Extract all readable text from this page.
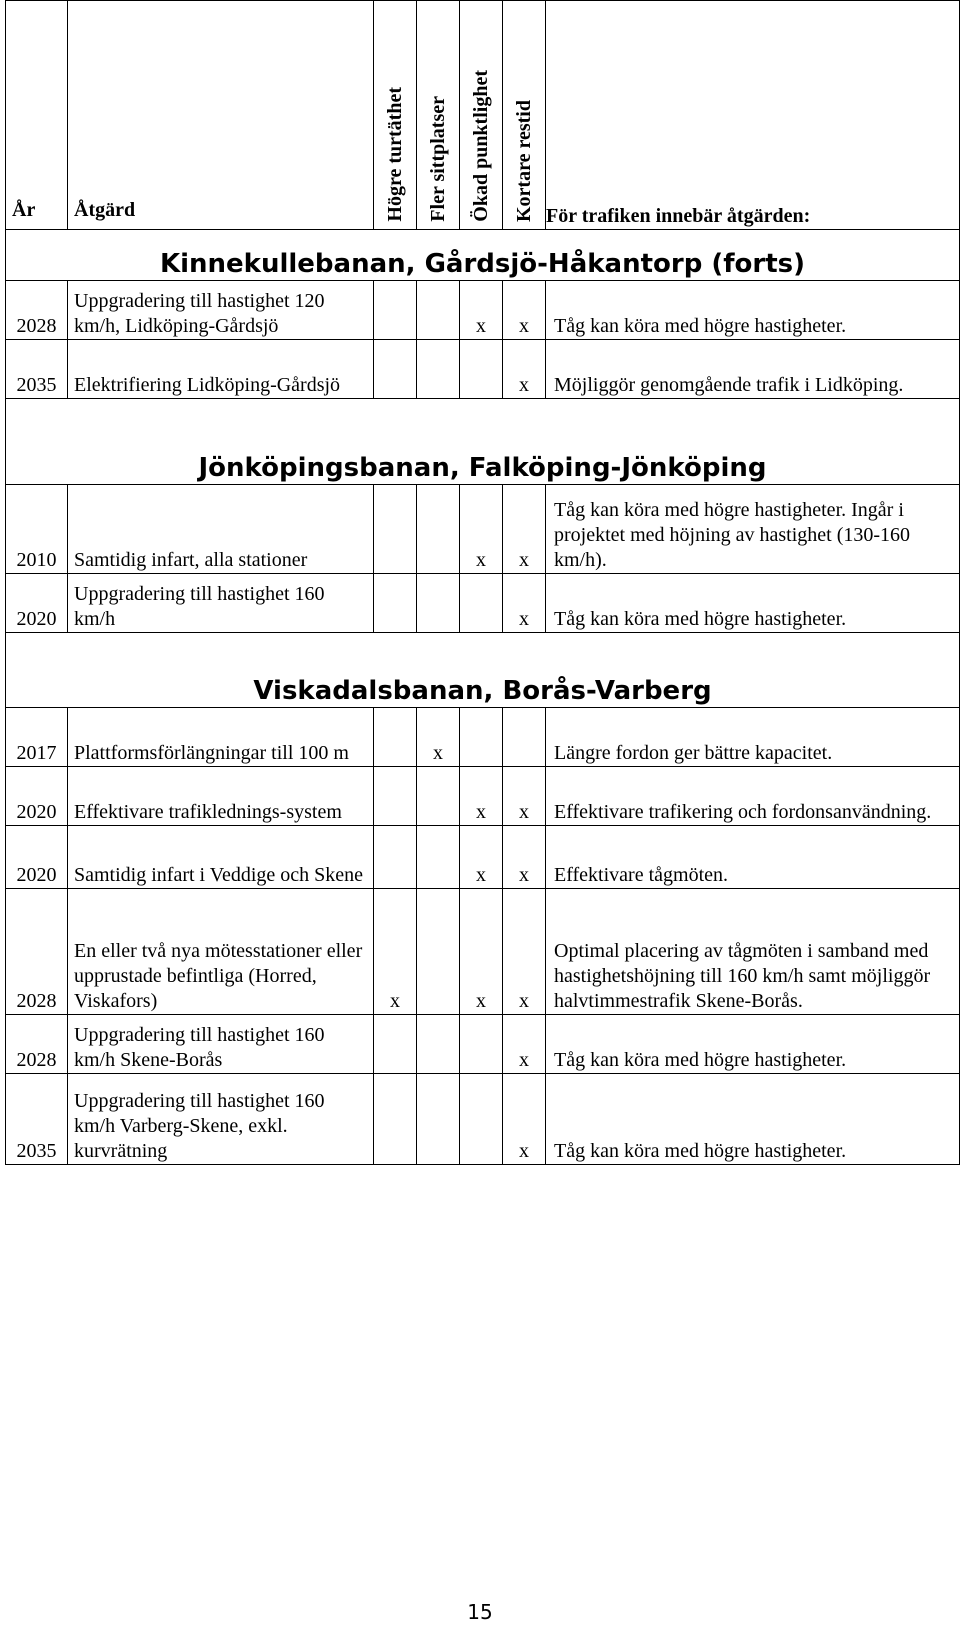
År	Åtgärd	Högre turtäthet	Fler sittplatser	Ökad punktlighet	Kortare restid	För trafiken innebär åtgärden:
Kinnekullebanan, Gårdsjö-Håkantorp (forts)						
2028	Uppgradering till hastighet 120 km/h, Lidköping-Gårdsjö			x	x	Tåg kan köra med högre hastigheter.
2035	Elektrifiering Lidköping-Gårdsjö				x	Möjliggör genomgående trafik i Lidköping.
Jönköpingsbanan, Falköping-Jönköping						
2010	Samtidig infart, alla stationer			x	x	Tåg kan köra med högre hastigheter. Ingår i projektet med höjning av hastighet (130-160 km/h).
2020	Uppgradering till hastighet 160 km/h				x	Tåg kan köra med högre hastigheter.
Viskadalsbanan, Borås-Varberg						
2017	Plattformsförlängningar till 100 m		x			Längre fordon ger bättre kapacitet.
2020	Effektivare trafiklednings-system			x	x	Effektivare trafikering och fordonsanvändning.
2020	Samtidig infart i Veddige och Skene			x	x	Effektivare tågmöten.
2028	En eller två nya mötesstationer eller upprustade befintliga (Horred, Viskafors)	x		x	x	Optimal placering av tågmöten i samband med hastighetshöjning till 160 km/h samt möjliggör halvtimmestrafik Skene-Borås.
2028	Uppgradering till hastighet 160 km/h Skene-Borås				x	Tåg kan köra med högre hastigheter.
2035	Uppgradering till hastighet 160 km/h Varberg-Skene, exkl. kurvrätning				x	Tåg kan köra med högre hastigheter.
15
